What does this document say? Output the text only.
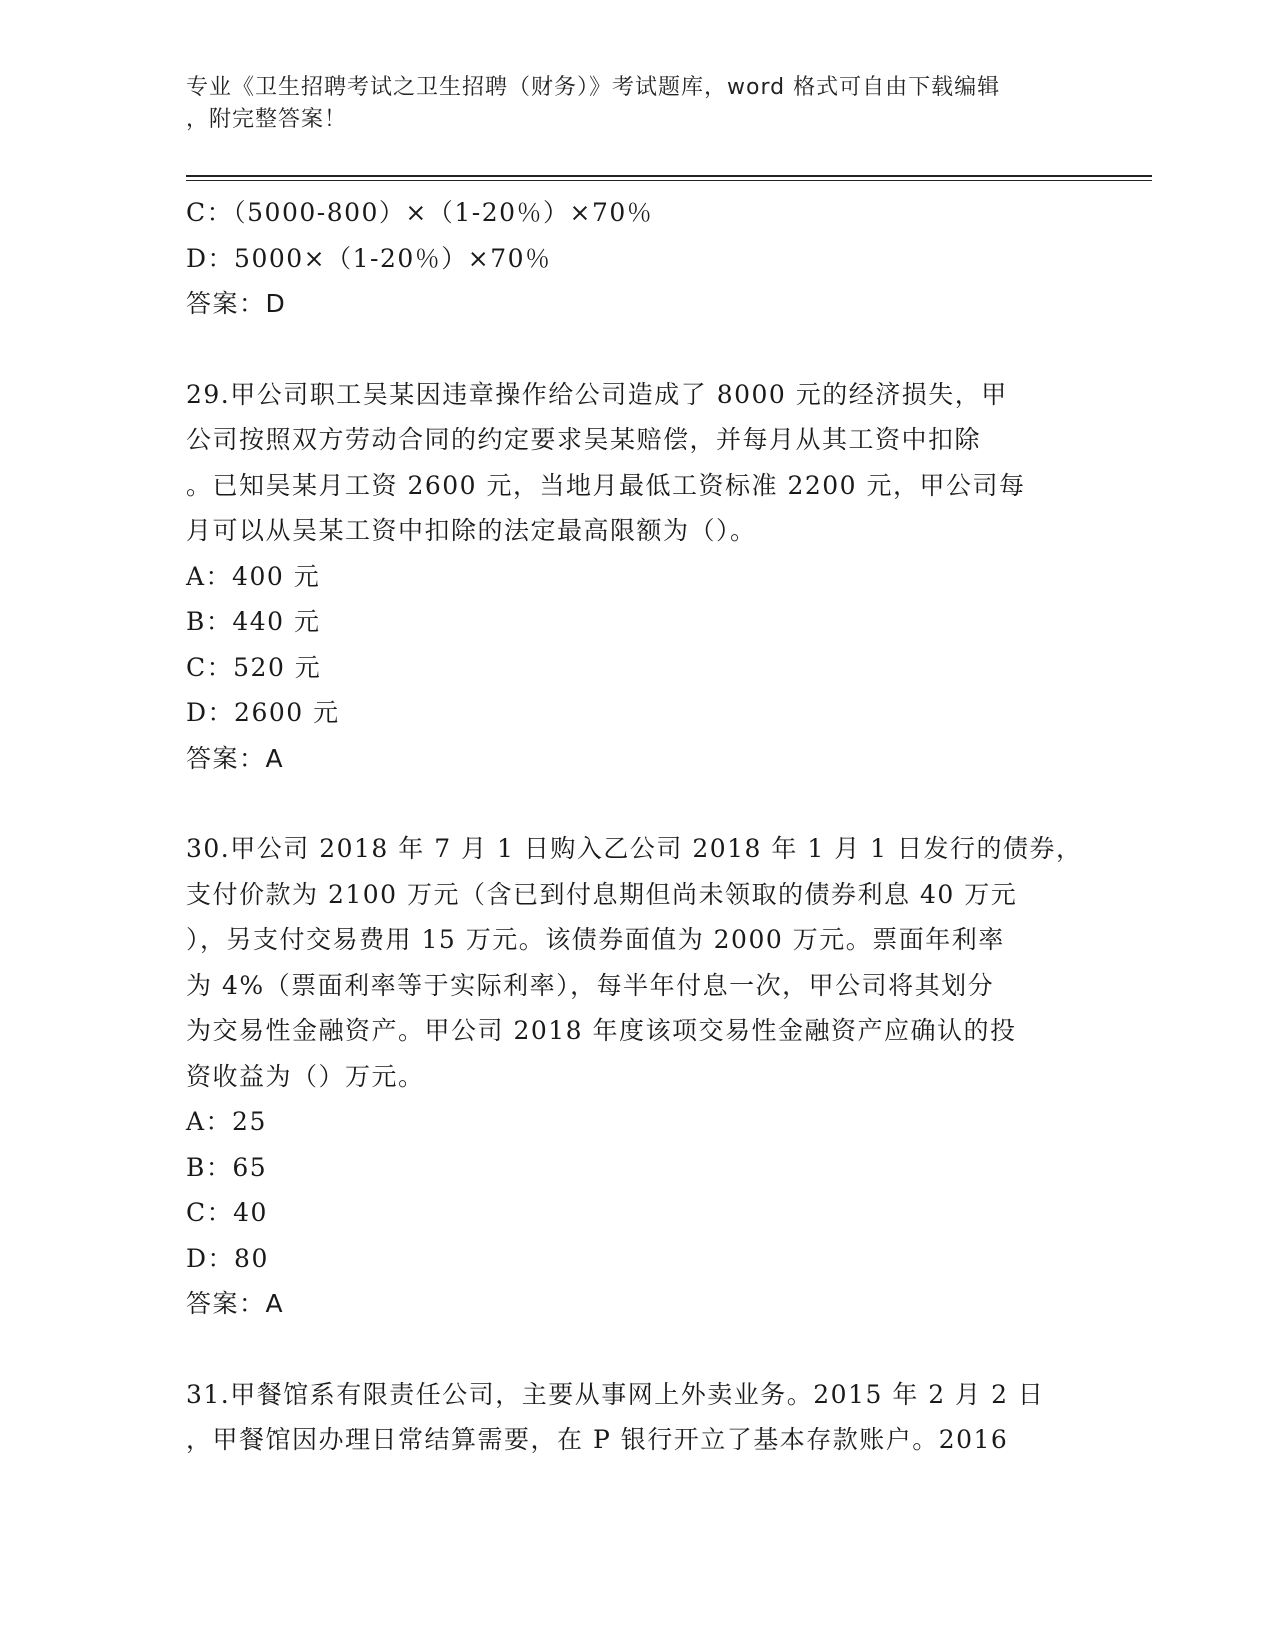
专业《卫生招聘考试之卫生招聘（财务）》考试题库，word 格式可自由下载编辑
，附完整答案！
C：（5000-800）×（1-20％）×70％
D：5000×（1-20％）×70％
答案：D
29.甲公司职工吴某因违章操作给公司造成了 8000 元的经济损失，甲
公司按照双方劳动合同的约定要求吴某赔偿，并每月从其工资中扣除
。已知吴某月工资 2600 元，当地月最低工资标准 2200 元，甲公司每
月可以从吴某工资中扣除的法定最高限额为（）。
A：400 元
B：440 元
C：520 元
D：2600 元
答案：A
30.甲公司 2018 年 7 月 1 日购入乙公司 2018 年 1 月 1 日发行的债券，
支付价款为 2100 万元（含已到付息期但尚未领取的债券利息 40 万元
），另支付交易费用 15 万元。该债券面值为 2000 万元。票面年利率
为 4%（票面利率等于实际利率），每半年付息一次，甲公司将其划分
为交易性金融资产。甲公司 2018 年度该项交易性金融资产应确认的投
资收益为（）万元。
A：25
B：65
C：40
D：80
答案：A
31.甲餐馆系有限责任公司，主要从事网上外卖业务。2015 年 2 月 2 日
，甲餐馆因办理日常结算需要，在 P 银行开立了基本存款账户。2016
